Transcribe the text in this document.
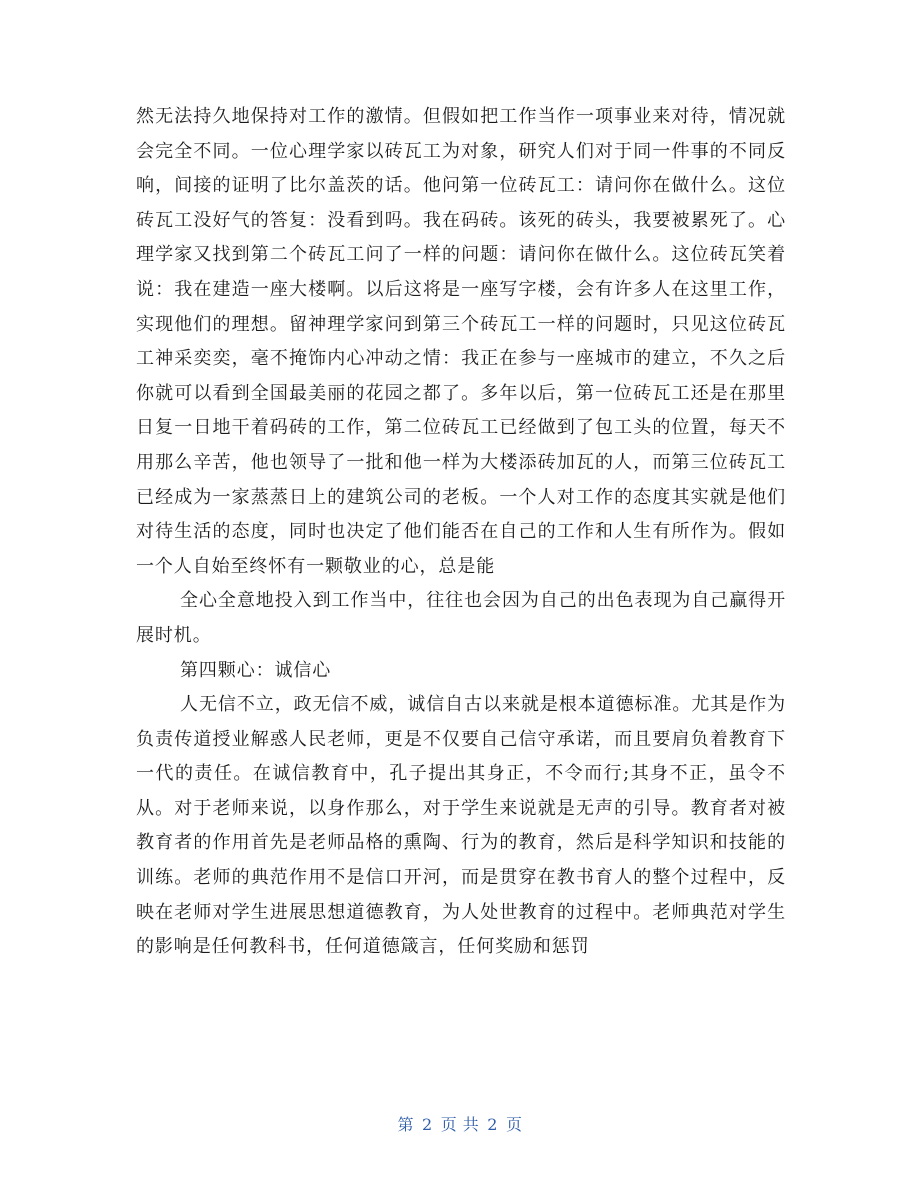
然无法持久地保持对工作的激情。但假如把工作当作一项事业来对待，情况就会完全不同。一位心理学家以砖瓦工为对象，研究人们对于同一件事的不同反响，间接的证明了比尔盖茨的话。他问第一位砖瓦工：请问你在做什么。这位砖瓦工没好气的答复：没看到吗。我在码砖。该死的砖头，我要被累死了。心理学家又找到第二个砖瓦工问了一样的问题：请问你在做什么。这位砖瓦笑着说：我在建造一座大楼啊。以后这将是一座写字楼，会有许多人在这里工作，实现他们的理想。留神理学家问到第三个砖瓦工一样的问题时，只见这位砖瓦工神采奕奕，毫不掩饰内心冲动之情：我正在参与一座城市的建立，不久之后你就可以看到全国最美丽的花园之都了。多年以后，第一位砖瓦工还是在那里日复一日地干着码砖的工作，第二位砖瓦工已经做到了包工头的位置，每天不用那么辛苦，他也领导了一批和他一样为大楼添砖加瓦的人，而第三位砖瓦工已经成为一家蒸蒸日上的建筑公司的老板。一个人对工作的态度其实就是他们对待生活的态度，同时也决定了他们能否在自己的工作和人生有所作为。假如一个人自始至终怀有一颗敬业的心，总是能

全心全意地投入到工作当中，往往也会因为自己的出色表现为自己赢得开展时机。

第四颗心：诚信心

人无信不立，政无信不威，诚信自古以来就是根本道德标准。尤其是作为负责传道授业解惑人民老师，更是不仅要自己信守承诺，而且要肩负着教育下一代的责任。在诚信教育中，孔子提出其身正，不令而行;其身不正，虽令不从。对于老师来说，以身作那么，对于学生来说就是无声的引导。教育者对被教育者的作用首先是老师品格的熏陶、行为的教育，然后是科学知识和技能的训练。老师的典范作用不是信口开河，而是贯穿在教书育人的整个过程中，反映在老师对学生进展思想道德教育，为人处世教育的过程中。老师典范对学生的影响是任何教科书，任何道德箴言，任何奖励和惩罚

第 2 页 共 2 页
